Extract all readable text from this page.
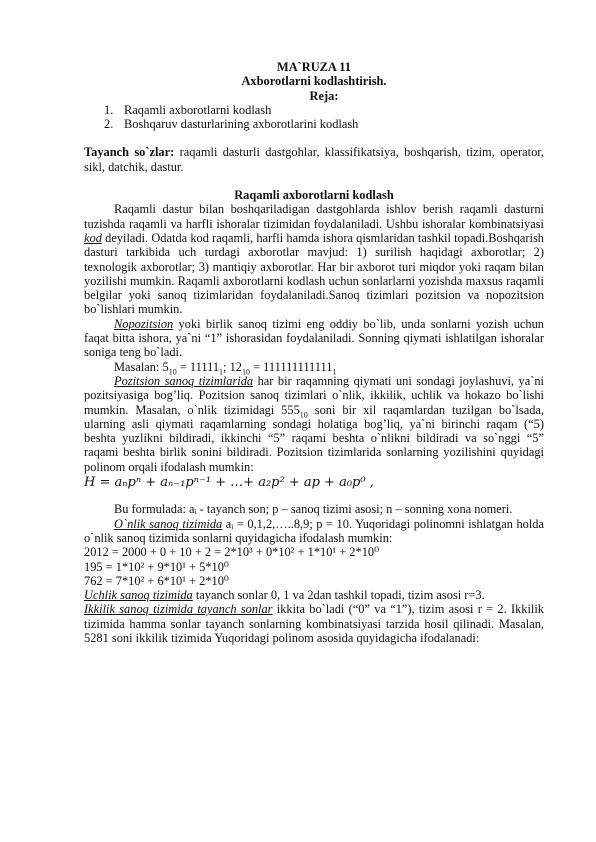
MA`RUZA 11
Axborotlarni kodlashtirish.
Reja:
1. Raqamli axborotlarni kodlash
2. Boshqaruv dasturlarining axborotlarini kodlash

Tayanch so`zlar: raqamli dasturli dastgohlar, klassifikatsiya, boshqarish, tizim, operator, sikl, datchik, dastur.

Raqamli axborotlarni kodlash

Raqamli dastur bilan boshqariladigan dastgohlarda ishlov berish raqamli dasturni tuzishda raqamli va harfli ishoralar tizimidan foydalaniladi. Ushbu ishoralar kombinatsiyasi kod deyiladi. Odatda kod raqamli, harfli hamda ishora qismlaridan tashkil topadi.Boshqarish dasturi tarkibida uch turdagi axborotlar mavjud: 1) surilish haqidagi axborotlar; 2) texnologik axborotlar; 3) mantiqiy axborotlar. Har bir axborot turi miqdor yoki raqam bilan yozilishi mumkin. Raqamli axborotlarni kodlash uchun sonlarlarni yozishda maxsus raqamli belgilar yoki sanoq tizimlaridan foydalaniladi.Sanoq tizimlari pozitsion va nopozitsion bo`lishlari mumkin.

Nopozitsion yoki birlik sanoq tizimi eng oddiy bo`lib, unda sonlarni yozish uchun faqat bitta ishora, ya`ni “1” ishorasidan foydalaniladi. Sonning qiymati ishlatilgan ishoralar soniga teng bo`ladi.

Masalan: $5_{10} = 11111_1$; $12_{10} = 111111111111_1$

Pozitsion sanoq tizimlarida har bir raqamning qiymati uni sondagi joylashuvi, ya`ni pozitsiyasiga bog’liq. Pozitsion sanoq tizimlari o`nlik, ikkilik, uchlik va hokazo bo`lishi mumkin. Masalan, o`nlik tizimidagi $555_{10}$ soni bir xil raqamlardan tuzilgan bo`lsada, ularning asli qiymati raqamlarning sondagi holatiga bog’liq, ya`ni birinchi raqam (“5) beshta yuzlikni bildiradi, ikkinchi “5” raqami beshta o`nlikni bildiradi va so`nggi “5” raqami beshta birlik sonini bildiradi. Pozitsion tizimlarida sonlarning yozilishini quyidagi polinom orqali ifodalash mumkin:

H = aₙpⁿ + aₙ₋₁pⁿ⁻¹ + …+ a₂p² + ap + a₀p⁰ ,

Bu formulada: aᵢ - tayanch son; p – sanoq tizimi asosi; n – sonning xona nomeri.

O`nlik sanoq tizimida aᵢ = 0,1,2,…..8,9; p = 10. Yuqoridagi polinomni ishlatgan holda o`nlik sanoq tizimida sonlarni quyidagicha ifodalash mumkin:

2012 = 2000 + 0 + 10 + 2 = 2*10³ + 0*10² + 1*10¹ + 2*10⁰
195 = 1*10² + 9*10¹ + 5*10⁰
762 = 7*10² + 6*10¹ + 2*10⁰

Uchlik sanoq tizimida tayanch sonlar 0, 1 va 2dan tashkil topadi, tizim asosi r=3.

Ikkilik sanoq tizimida tayanch sonlar ikkita bo`ladi (“0” va “1”), tizim asosi r = 2. Ikkilik tizimida hamma sonlar tayanch sonlarning kombinatsiyasi tarzida hosil qilinadi. Masalan, 5281 soni ikkilik tizimida Yuqoridagi polinom asosida quyidagicha ifodalanadi:
